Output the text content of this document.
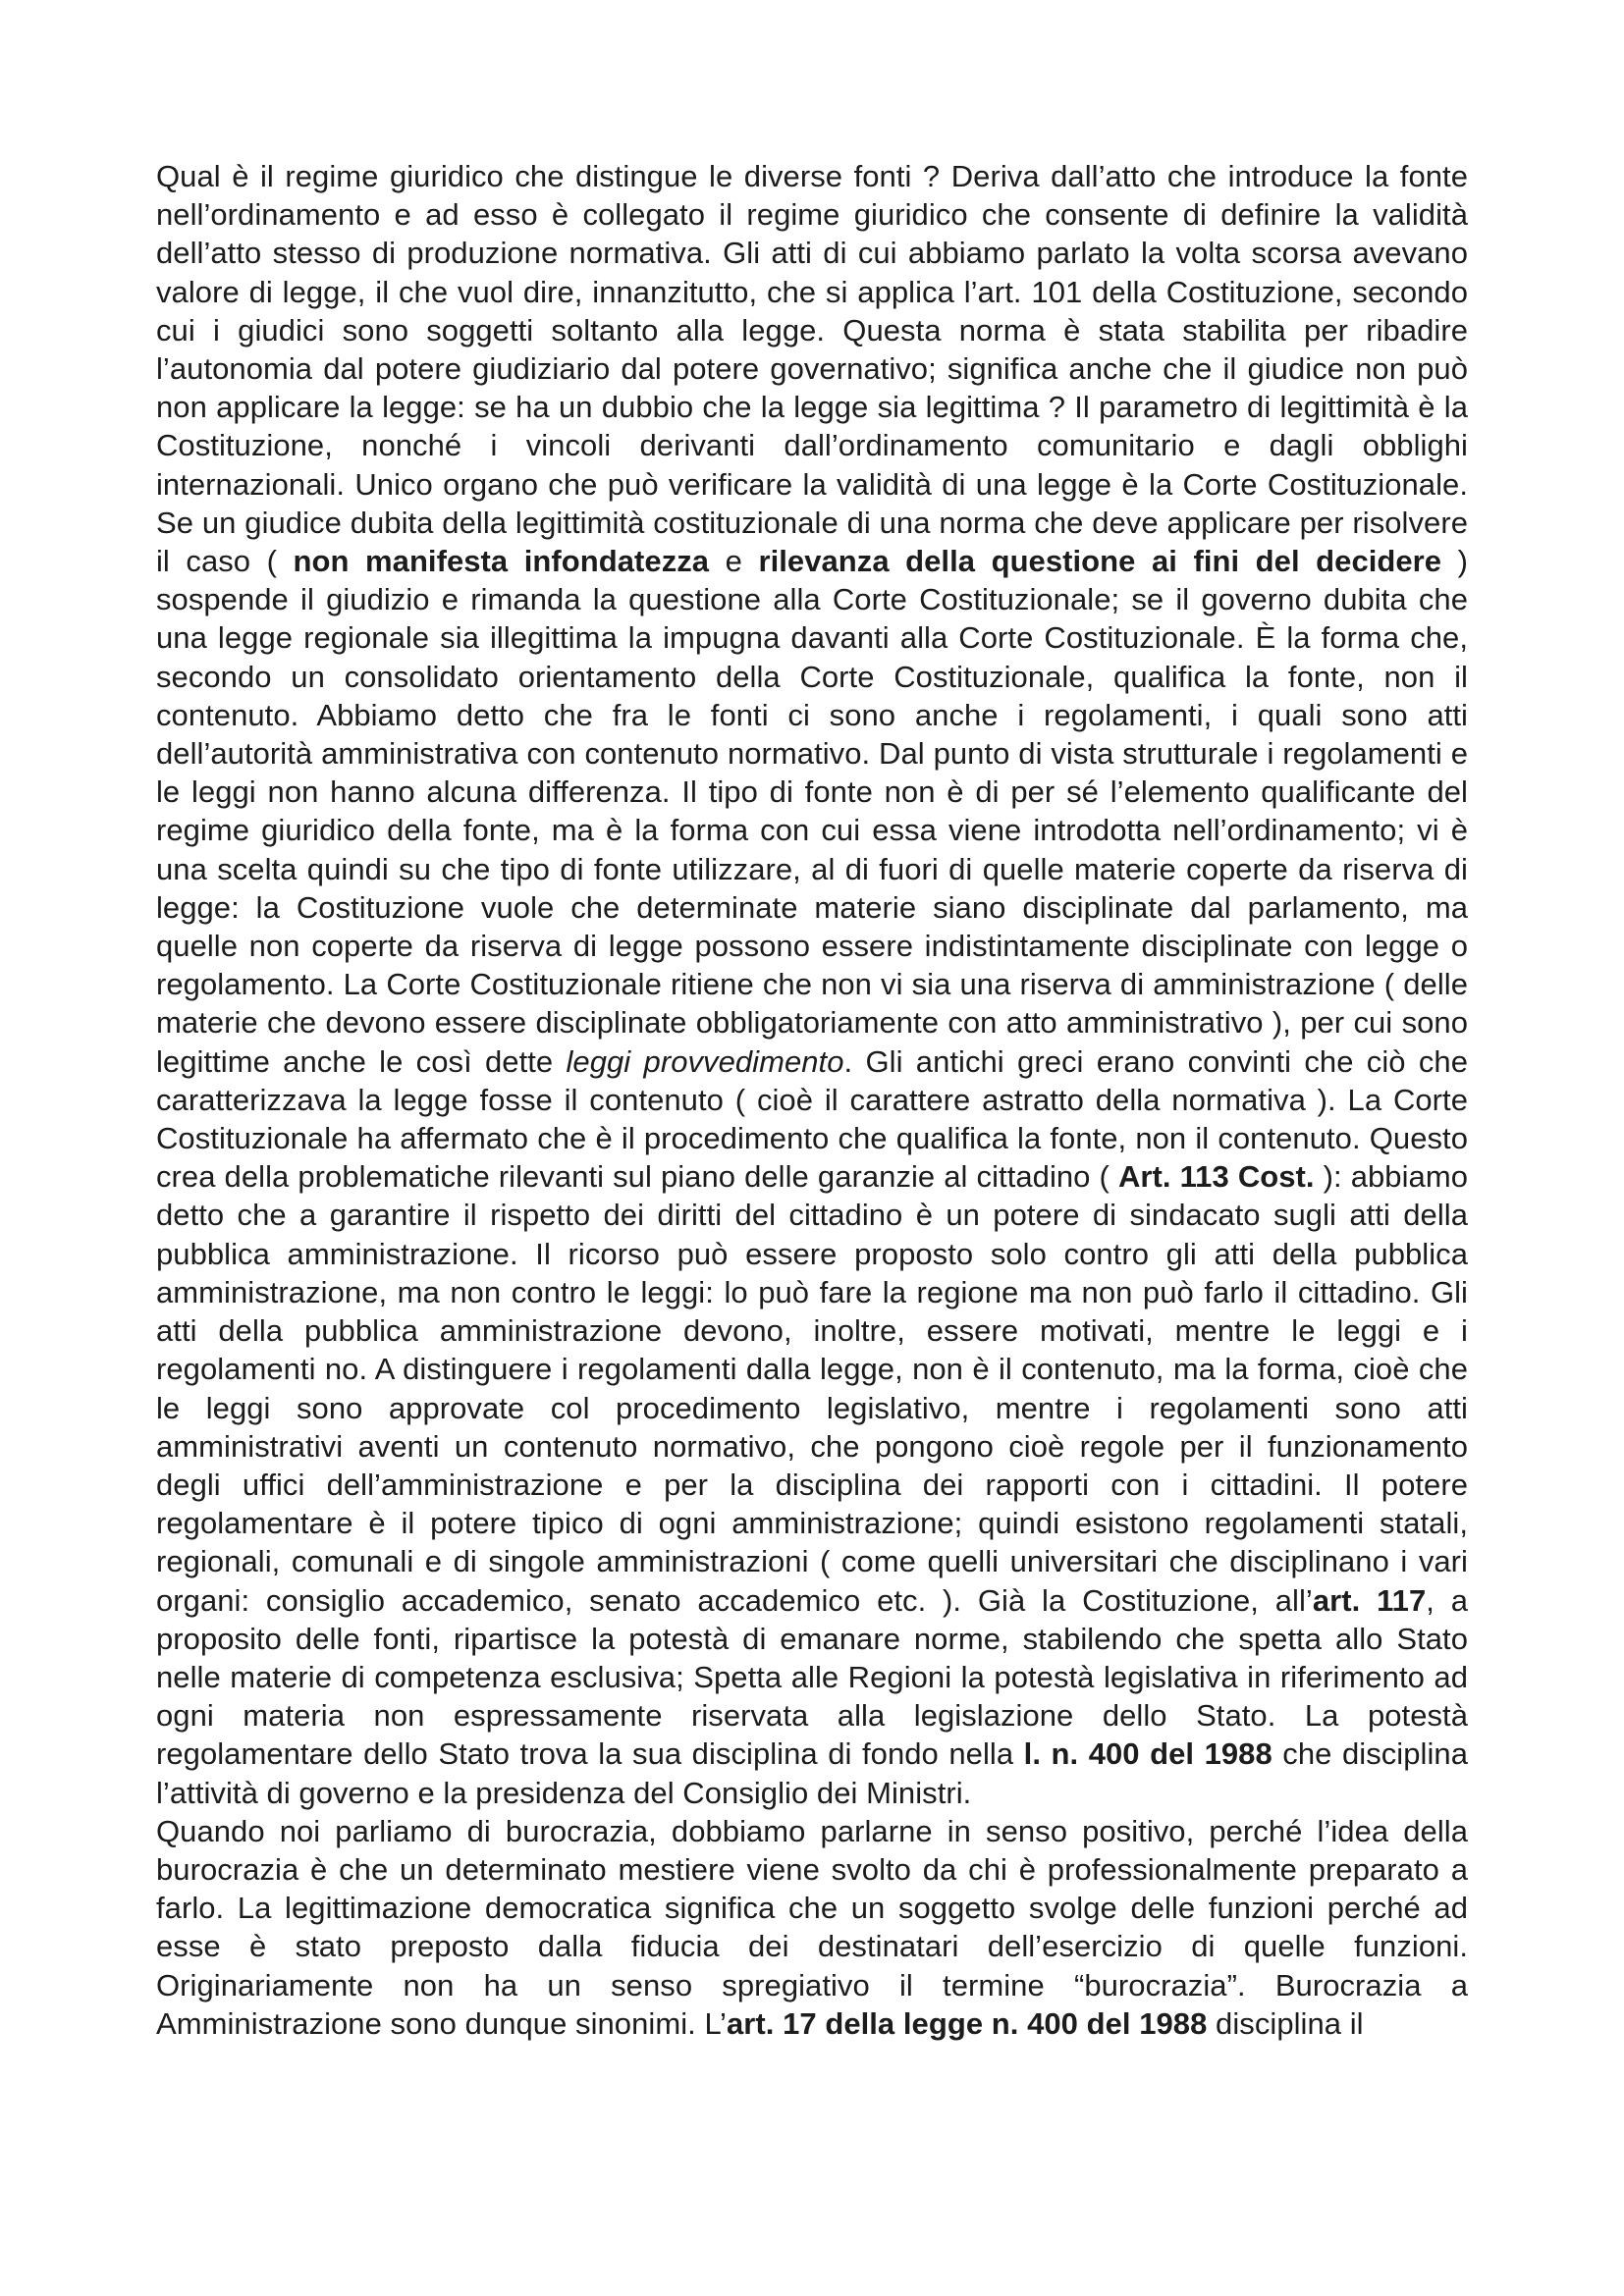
Qual è il regime giuridico che distingue le diverse fonti ? Deriva dall’atto che introduce la fonte nell’ordinamento e ad esso è collegato il regime giuridico che consente di definire la validità dell’atto stesso di produzione normativa. Gli atti di cui abbiamo parlato la volta scorsa avevano valore di legge, il che vuol dire, innanzitutto, che si applica l’art. 101 della Costituzione, secondo cui i giudici sono soggetti soltanto alla legge. Questa norma è stata stabilita per ribadire l’autonomia dal potere giudiziario dal potere governativo; significa anche che il giudice non può non applicare la legge: se ha un dubbio che la legge sia legittima ? Il parametro di legittimità è la Costituzione, nonché i vincoli derivanti dall’ordinamento comunitario e dagli obblighi internazionali. Unico organo che può verificare la validità di una legge è la Corte Costituzionale. Se un giudice dubita della legittimità costituzionale di una norma che deve applicare per risolvere il caso ( non manifesta infondatezza e rilevanza della questione ai fini del decidere ) sospende il giudizio e rimanda la questione alla Corte Costituzionale; se il governo dubita che una legge regionale sia illegittima la impugna davanti alla Corte Costituzionale. È la forma che, secondo un consolidato orientamento della Corte Costituzionale, qualifica la fonte, non il contenuto. Abbiamo detto che fra le fonti ci sono anche i regolamenti, i quali sono atti dell’autorità amministrativa con contenuto normativo. Dal punto di vista strutturale i regolamenti e le leggi non hanno alcuna differenza. Il tipo di fonte non è di per sé l’elemento qualificante del regime giuridico della fonte, ma è la forma con cui essa viene introdotta nell’ordinamento; vi è una scelta quindi su che tipo di fonte utilizzare, al di fuori di quelle materie coperte da riserva di legge: la Costituzione vuole che determinate materie siano disciplinate dal parlamento, ma quelle non coperte da riserva di legge possono essere indistintamente disciplinate con legge o regolamento. La Corte Costituzionale ritiene che non vi sia una riserva di amministrazione ( delle materie che devono essere disciplinate obbligatoriamente con atto amministrativo ), per cui sono legittime anche le così dette leggi provvedimento. Gli antichi greci erano convinti che ciò che caratterizzava la legge fosse il contenuto ( cioè il carattere astratto della normativa ). La Corte Costituzionale ha affermato che è il procedimento che qualifica la fonte, non il contenuto. Questo crea della problematiche rilevanti sul piano delle garanzie al cittadino ( Art. 113 Cost. ): abbiamo detto che a garantire il rispetto dei diritti del cittadino è un potere di sindacato sugli atti della pubblica amministrazione. Il ricorso può essere proposto solo contro gli atti della pubblica amministrazione, ma non contro le leggi: lo può fare la regione ma non può farlo il cittadino. Gli atti della pubblica amministrazione devono, inoltre, essere motivati, mentre le leggi e i regolamenti no. A distinguere i regolamenti dalla legge, non è il contenuto, ma la forma, cioè che le leggi sono approvate col procedimento legislativo, mentre i regolamenti sono atti amministrativi aventi un contenuto normativo, che pongono cioè regole per il funzionamento degli uffici dell’amministrazione e per la disciplina dei rapporti con i cittadini. Il potere regolamentare è il potere tipico di ogni amministrazione; quindi esistono regolamenti statali, regionali, comunali e di singole amministrazioni ( come quelli universitari che disciplinano i vari organi: consiglio accademico, senato accademico etc. ). Già la Costituzione, all’art. 117, a proposito delle fonti, ripartisce la potestà di emanare norme, stabilendo che spetta allo Stato nelle materie di competenza esclusiva; Spetta alle Regioni la potestà legislativa in riferimento ad ogni materia non espressamente riservata alla legislazione dello Stato. La potestà regolamentare dello Stato trova la sua disciplina di fondo nella l. n. 400 del 1988 che disciplina l’attività di governo e la presidenza del Consiglio dei Ministri.

Quando noi parliamo di burocrazia, dobbiamo parlarne in senso positivo, perché l’idea della burocrazia è che un determinato mestiere viene svolto da chi è professionalmente preparato a farlo. La legittimazione democratica significa che un soggetto svolge delle funzioni perché ad esse è stato preposto dalla fiducia dei destinatari dell’esercizio di quelle funzioni. Originariamente non ha un senso spregiativo il termine “burocrazia”. Burocrazia a Amministrazione sono dunque sinonimi. L’art. 17 della legge n. 400 del 1988 disciplina il
